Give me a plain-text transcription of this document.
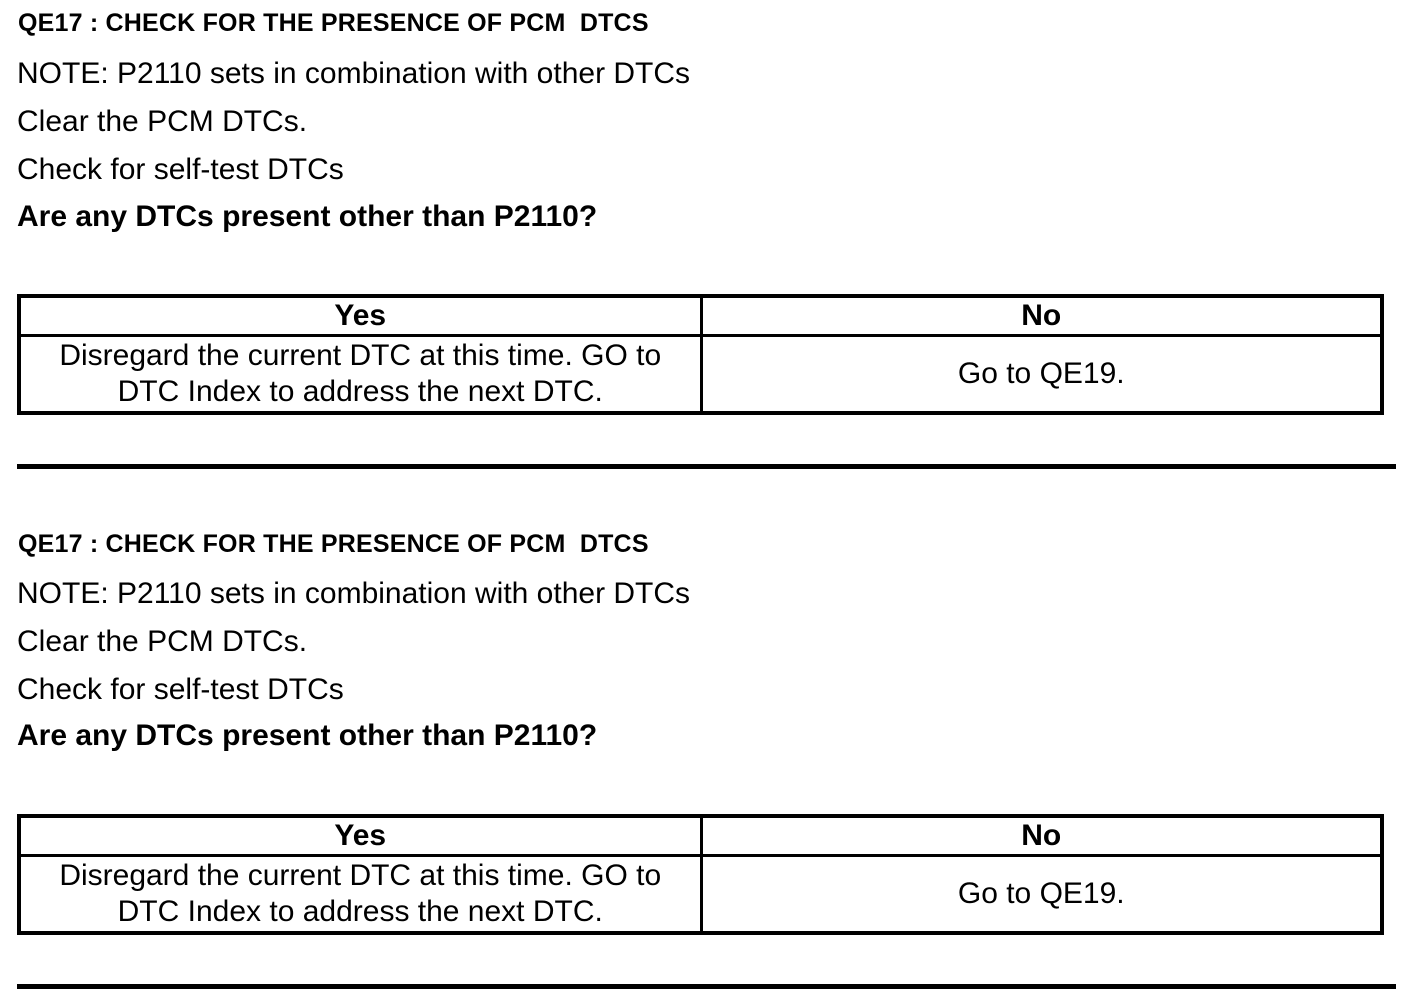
QE17 : CHECK FOR THE PRESENCE OF PCM  DTCS
NOTE: P2110 sets in combination with other DTCs
Clear the PCM DTCs.
Check for self-test DTCs
Are any DTCs present other than P2110?
Yes	No

Disregard the current DTC at this time. GO to
DTC Index to address the next DTC.	Go to QE19.
QE17 : CHECK FOR THE PRESENCE OF PCM  DTCS
NOTE: P2110 sets in combination with other DTCs
Clear the PCM DTCs.
Check for self-test DTCs
Are any DTCs present other than P2110?
Yes	No

Disregard the current DTC at this time. GO to
DTC Index to address the next DTC.	Go to QE19.
